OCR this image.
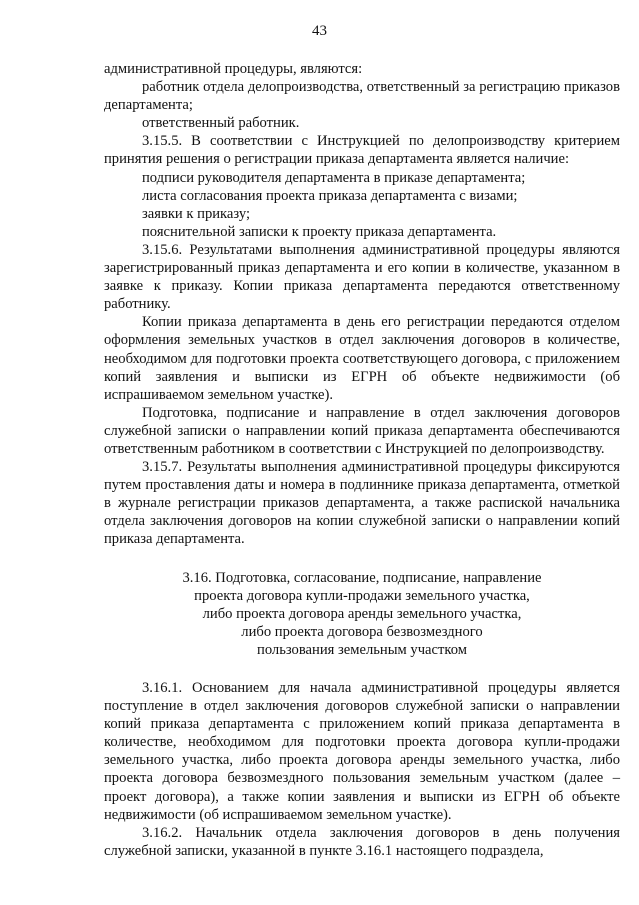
43

административной процедуры, являются:

работник отдела делопроизводства, ответственный за регистрацию приказов департамента;

ответственный работник.

3.15.5. В соответствии с Инструкцией по делопроизводству критерием принятия решения о регистрации приказа департамента является наличие:

подписи руководителя департамента в приказе департамента;

листа согласования проекта приказа департамента с визами;

заявки к приказу;

пояснительной записки к проекту приказа департамента.

3.15.6. Результатами выполнения административной процедуры являются зарегистрированный приказ департамента и его копии в количестве, указанном в заявке к приказу. Копии приказа департамента передаются ответственному работнику.

Копии приказа департамента в день его регистрации передаются отделом оформления земельных участков в отдел заключения договоров в количестве, необходимом для подготовки проекта соответствующего договора, с приложением копий заявления и выписки из ЕГРН об объекте недвижимости (об испрашиваемом земельном участке).

Подготовка, подписание и направление в отдел заключения договоров служебной записки о направлении копий приказа департамента обеспечиваются ответственным работником в соответствии с Инструкцией по делопроизводству.

3.15.7. Результаты выполнения административной процедуры фиксируются путем проставления даты и номера в подлиннике приказа департамента, отметкой в журнале регистрации приказов департамента, а также распиской начальника отдела заключения договоров на копии служебной записки о направлении копий приказа департамента.

3.16. Подготовка, согласование, подписание, направление

проекта договора купли-продажи земельного участка,

либо проекта договора аренды земельного участка,

либо проекта договора безвозмездного

пользования земельным участком

3.16.1. Основанием для начала административной процедуры является поступление в отдел заключения договоров служебной записки о направлении копий приказа департамента с приложением копий приказа департамента в количестве, необходимом для подготовки проекта договора купли-продажи земельного участка, либо проекта договора аренды земельного участка, либо проекта договора безвозмездного пользования земельным участком (далее – проект договора), а также копии заявления и выписки из ЕГРН об объекте недвижимости (об испрашиваемом земельном участке).

3.16.2. Начальник отдела заключения договоров в день получения служебной записки, указанной в пункте 3.16.1 настоящего подраздела,
